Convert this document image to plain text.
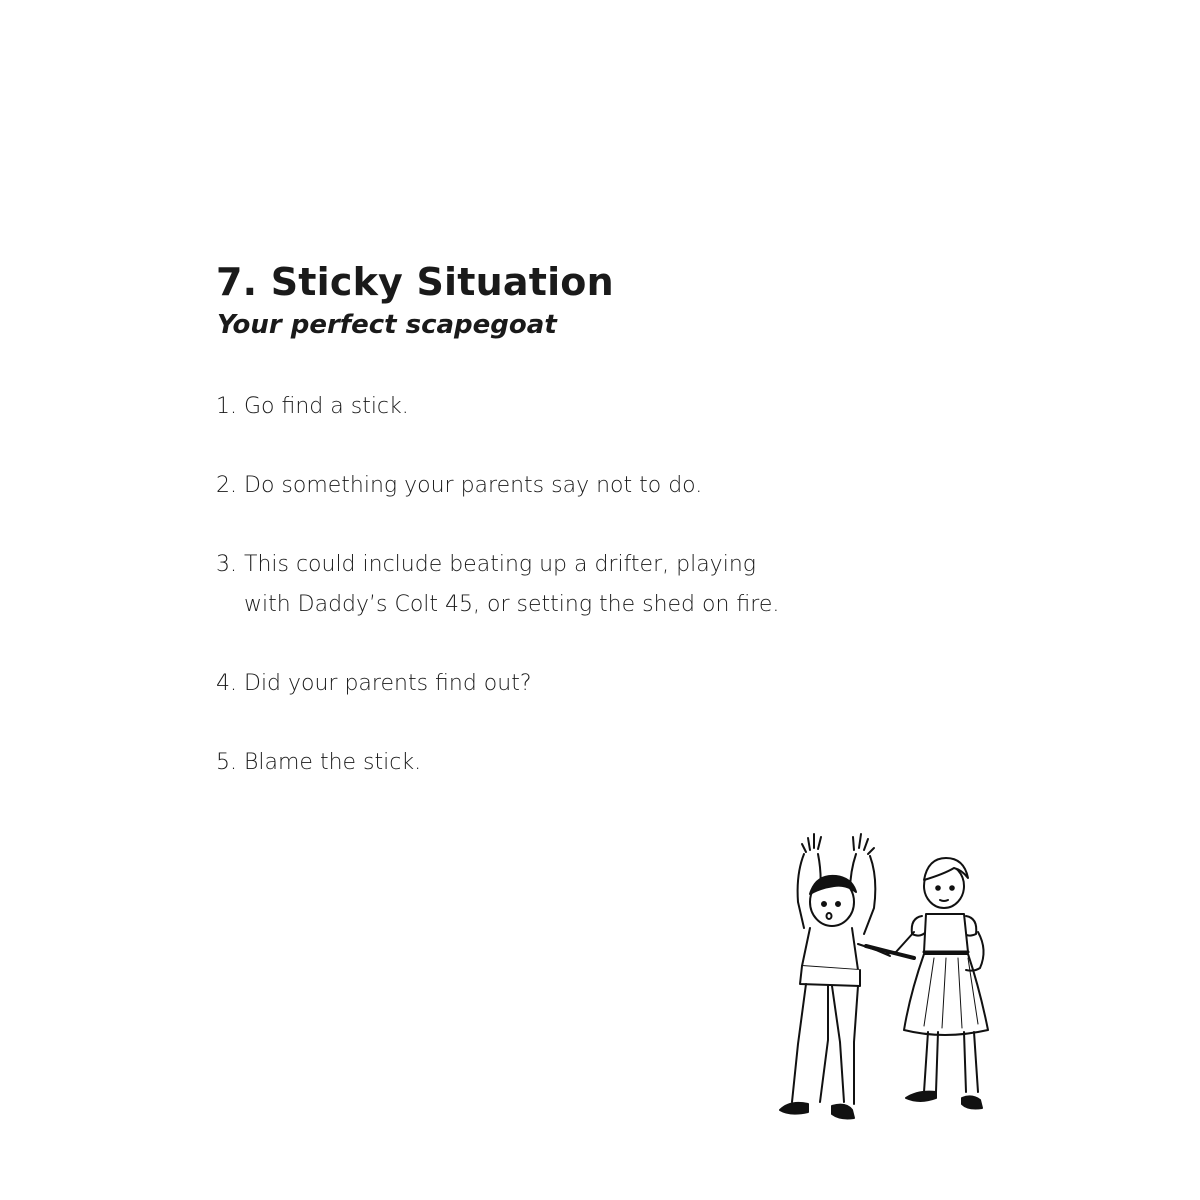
7. Sticky Situation
Your perfect scapegoat
1. Go find a stick.
2. Do something your parents say not to do.
3. This could include beating up a drifter, playing
with Daddy’s Colt 45, or setting the shed on fire.
4. Did your parents find out?
5. Blame the stick.
